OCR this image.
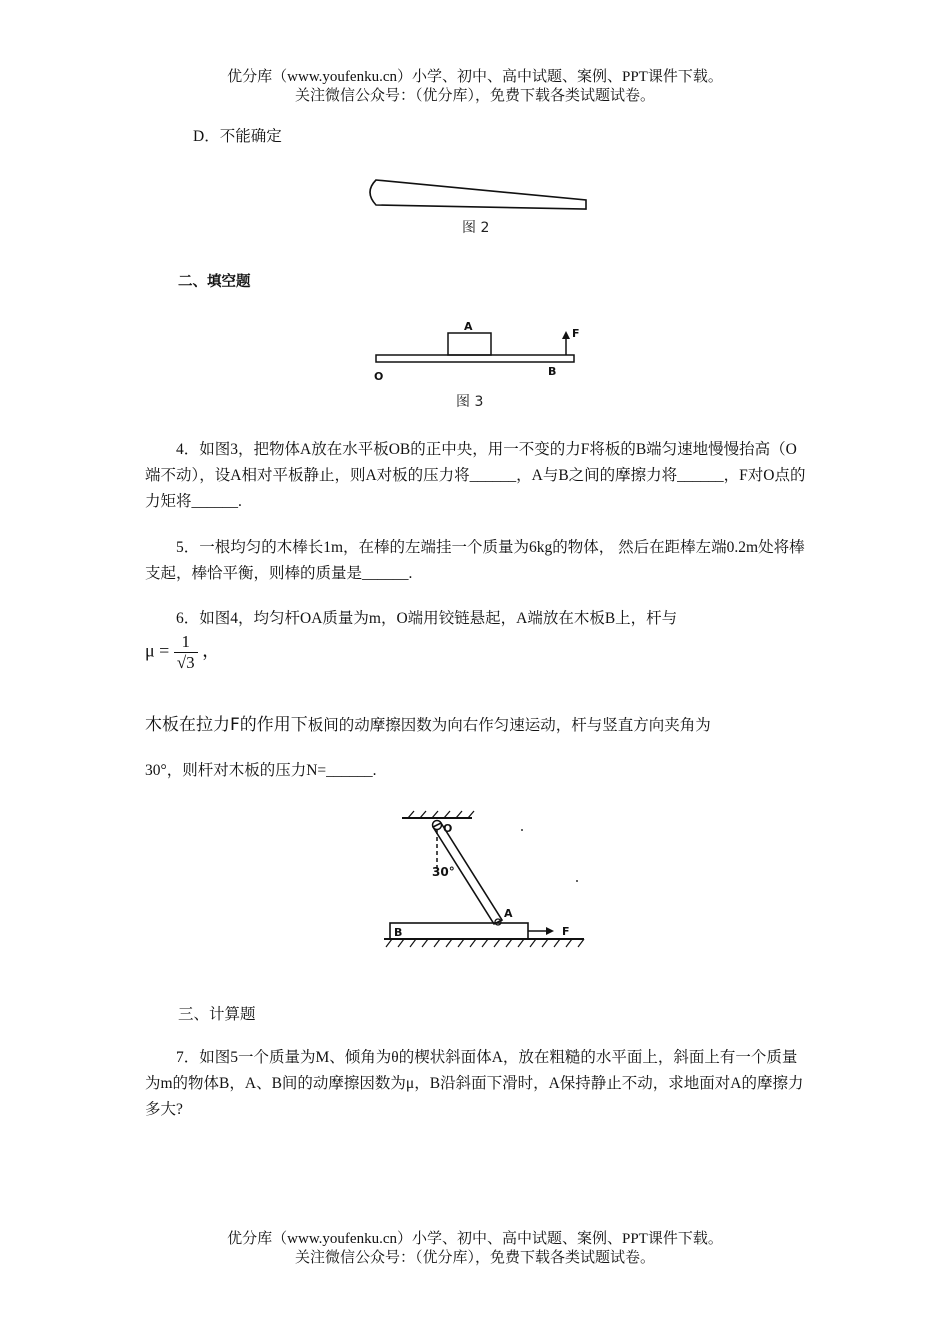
优分库（www.youfenku.cn）小学、初中、高中试题、案例、PPT课件下载。
关注微信公众号：（优分库），免费下载各类试题试卷。
D．不能确定
图 2
二、填空题
A
F
O	B
图 3
4．如图3，把物体A放在水平板OB的正中央，用一不变的力F将板的B端匀速地慢慢抬高（O端不动），设A相对平板静止，则A对板的压力将______，A与B之间的摩擦力将______，F对O点的力矩将______.
5．一根均匀的木棒长1m，在棒的左端挂一个质量为6kg的物体， 然后在距棒左端0.2m处将棒支起，棒恰平衡，则棒的质量是______.
6．如图4，均匀杆OA质量为m，O端用铰链悬起，A端放在木板B上，杆与
$\mu = \frac{1}{√3}$ ，
木板在拉力F的作用下板间的动摩擦因数为向右作匀速运动，杆与竖直方向夹角为
30°，则杆对木板的压力N=______.
O
30°
A
B	F
三、计算题
7．如图5一个质量为M、倾角为θ的楔状斜面体A，放在粗糙的水平面上，斜面上有一个质量为m的物体B，A、B间的动摩擦因数为μ，B沿斜面下滑时，A保持静止不动，求地面对A的摩擦力多大?
优分库（www.youfenku.cn）小学、初中、高中试题、案例、PPT课件下载。
关注微信公众号：（优分库），免费下载各类试题试卷。
